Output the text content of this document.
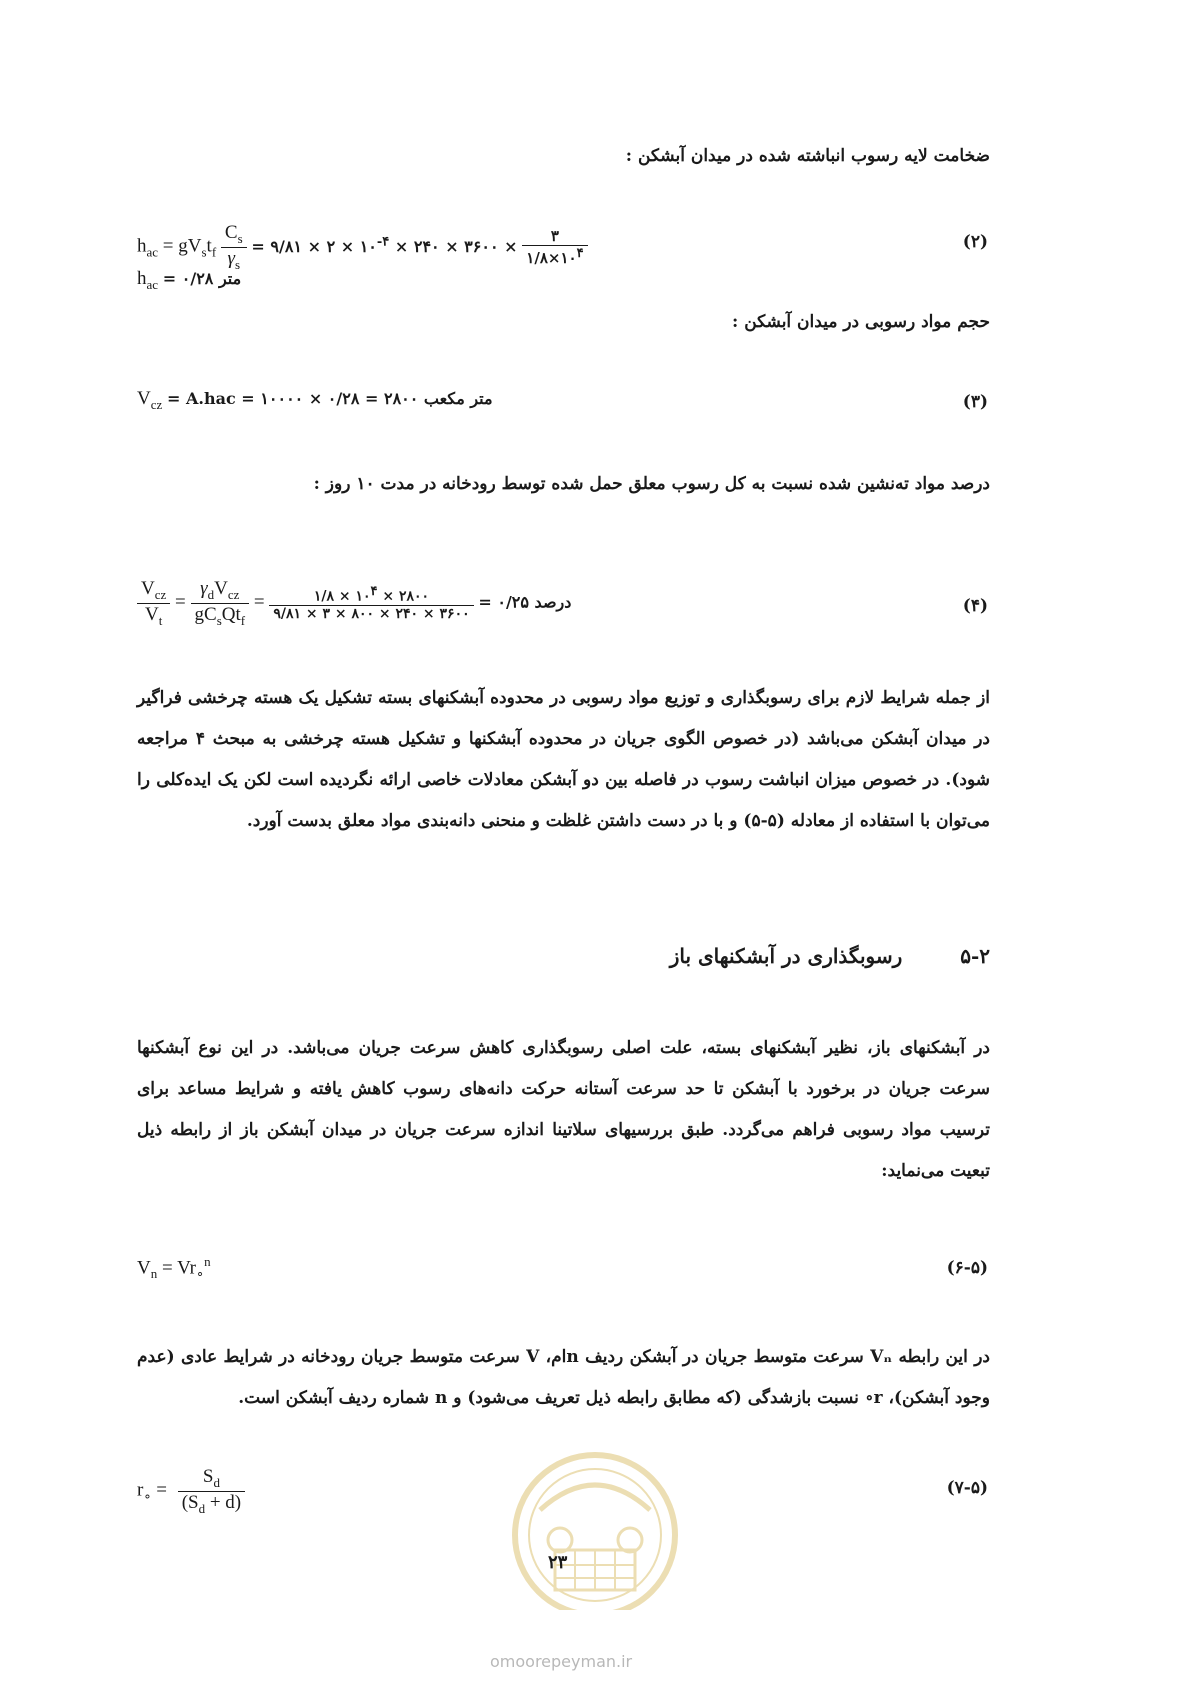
ضخامت لایه رسوب انباشته شده در میدان آبشکن :
$h_{ac} = gV_st_f \frac{C_s}{\gamma_s}$ = ۹/۸۱ × ۲ × $۱۰^{-۴}$ × ۲۴۰ × ۳۶۰۰ × $\frac{۳}{۱/۸\times ۱۰^۴}$
$h_{ac}$ = ۰/۲۸ متر
(۲)
حجم مواد رسوبی در میدان آبشکن :
$V_{cz} = A.hac$ = ۱۰۰۰۰ × ۰/۲۸ = ۲۸۰۰ متر مکعب	(۳)
درصد مواد ته‌نشین شده نسبت به کل رسوب معلق حمل شده توسط رودخانه در مدت ۱۰ روز :
$\frac{V_{cz}}{V_t} = \frac{\gamma_dV_{cz}}{gC_sQt_f} = \frac{۱/۸ \times ۱۰^۴ \times ۲۸۰۰}{۹/۸۱ \times ۳ \times ۸۰۰ \times ۲۴۰ \times ۳۶۰۰}$ = ۰/۲۵ درصد	(۴)
از جمله شرایط لازم برای رسوبگذاری و توزیع مواد رسوبی در محدوده آبشکنهای بسته تشکیل یک هسته چرخشی فراگیر در میدان آبشکن می‌باشد (در خصوص الگوی جریان در محدوده آبشکنها و تشکیل هسته چرخشی به مبحث ۴ مراجعه شود). در خصوص میزان انباشت رسوب در فاصله بین دو آبشکن معادلات خاصی ارائه نگردیده است لکن یک ایده‌کلی را می‌توان با استفاده از معادله (۵-۵) و با در دست داشتن غلظت و منحنی دانه‌بندی مواد معلق بدست آورد.
۵-۲  رسوبگذاری در آبشکنهای باز
در آبشکنهای باز، نظیر آبشکنهای بسته، علت اصلی رسوبگذاری کاهش سرعت جریان می‌باشد. در این نوع آبشکنها سرعت جریان در برخورد با آبشکن تا حد سرعت آستانه حرکت دانه‌های رسوب کاهش یافته و شرایط مساعد برای ترسیب مواد رسوبی فراهم می‌گردد. طبق بررسیهای سلاتینا اندازه سرعت جریان در میدان آبشکن باز از رابطه ذیل تبعیت می‌نماید:
$V_n = Vr_\circ^n$	(۶-۵)
در این رابطه Vₙ سرعت متوسط جریان در آبشکن ردیف nام، V سرعت متوسط جریان رودخانه در شرایط عادی (عدم وجود آبشکن)، r∘ نسبت بازشدگی (که مطابق رابطه ذیل تعریف می‌شود) و n شماره ردیف آبشکن است.
$r_\circ = \frac{S_d}{(S_d + d)}$	(۷-۵)
۲۳
omoorepeyman.ir
